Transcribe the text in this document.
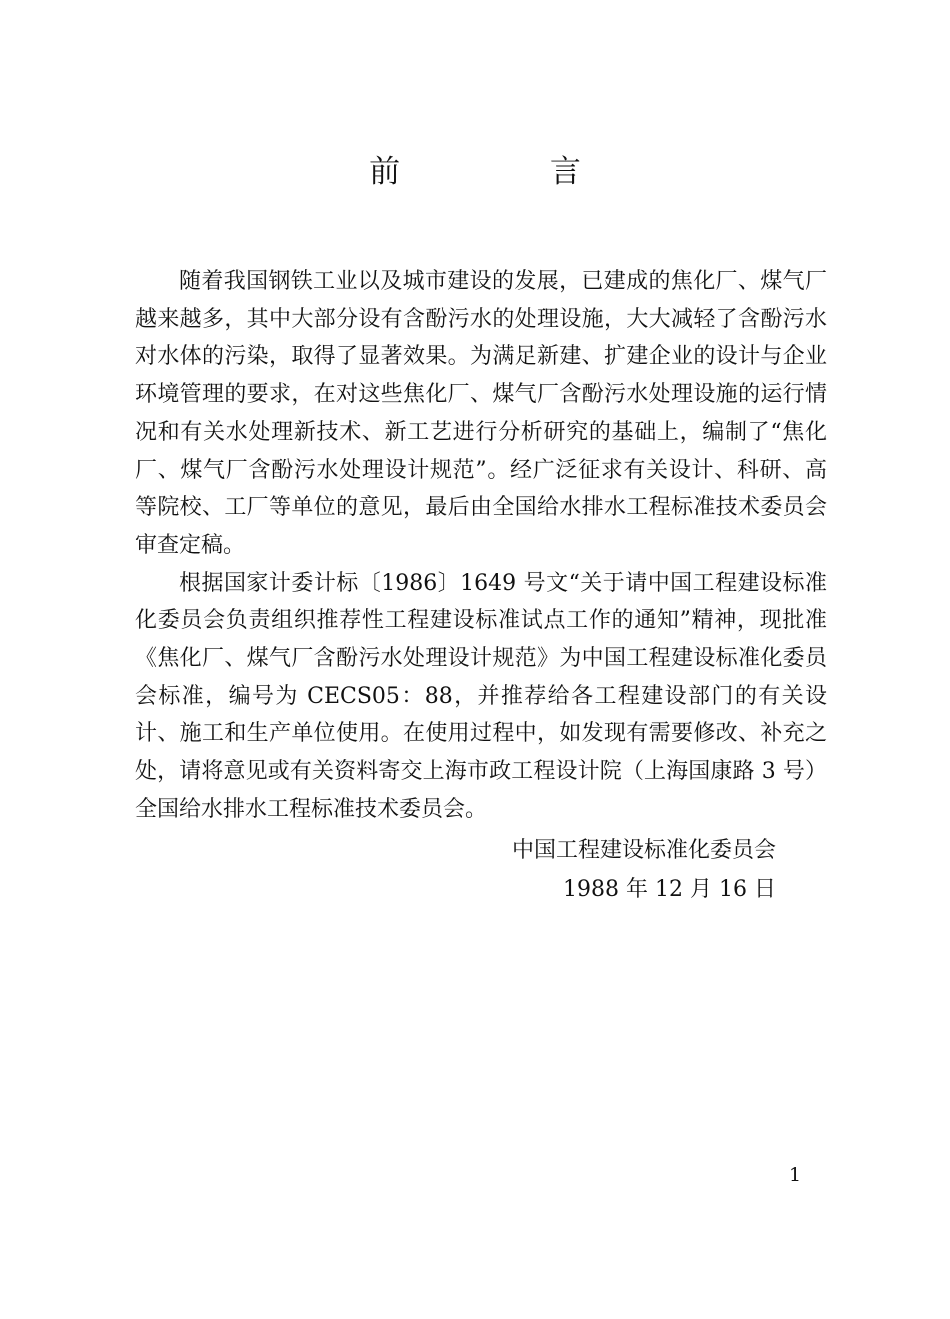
前 言

随着我国钢铁工业以及城市建设的发展，已建成的焦化厂、煤气厂越来越多，其中大部分设有含酚污水的处理设施，大大减轻了含酚污水对水体的污染，取得了显著效果。为满足新建、扩建企业的设计与企业环境管理的要求，在对这些焦化厂、煤气厂含酚污水处理设施的运行情况和有关水处理新技术、新工艺进行分析研究的基础上，编制了“焦化厂、煤气厂含酚污水处理设计规范”。经广泛征求有关设计、科研、高等院校、工厂等单位的意见，最后由全国给水排水工程标准技术委员会审查定稿。

根据国家计委计标〔1986〕1649 号文“关于请中国工程建设标准化委员会负责组织推荐性工程建设标准试点工作的通知”精神，现批准《焦化厂、煤气厂含酚污水处理设计规范》为中国工程建设标准化委员会标准，编号为 CECS05：88，并推荐给各工程建设部门的有关设计、施工和生产单位使用。在使用过程中，如发现有需要修改、补充之处，请将意见或有关资料寄交上海市政工程设计院（上海国康路 3 号）全国给水排水工程标准技术委员会。

中国工程建设标准化委员会
1988 年 12 月 16 日
1
